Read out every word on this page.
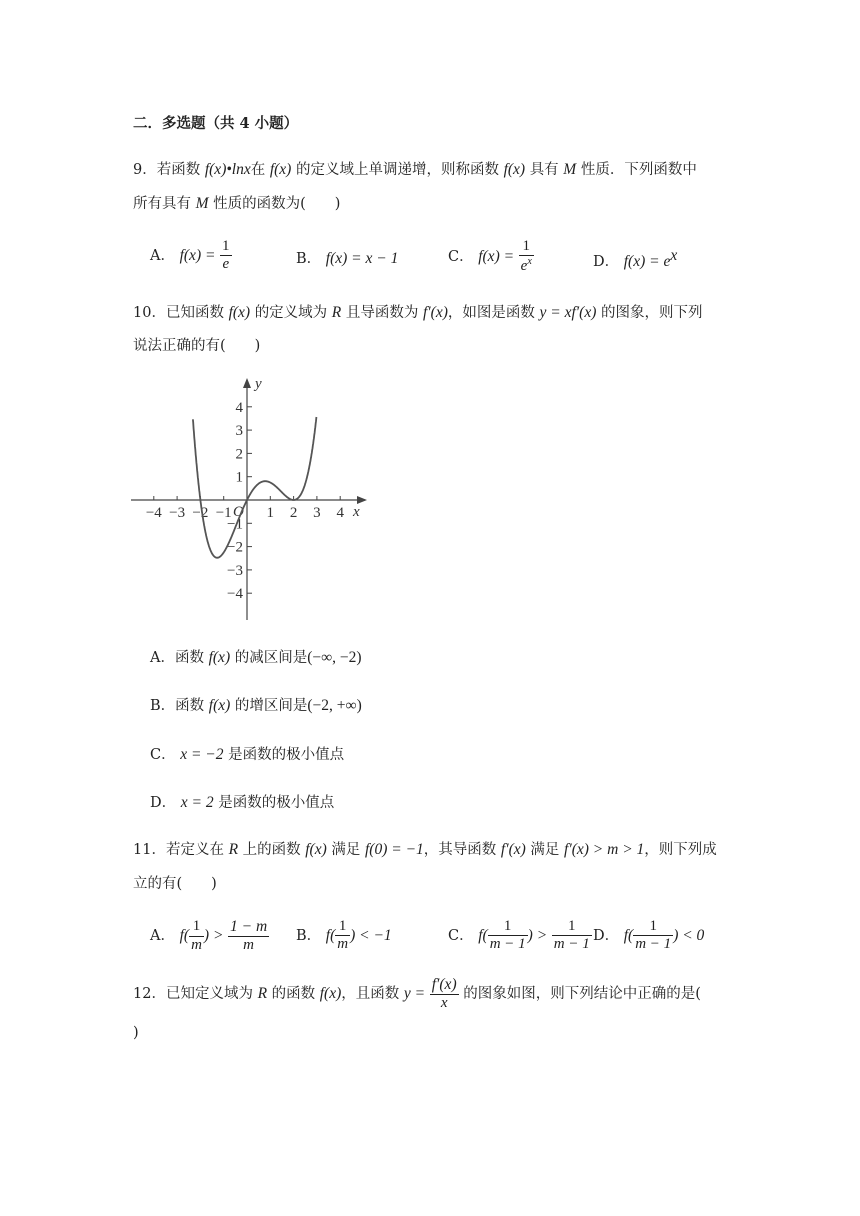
二．多选题（共 4 小题）
9．若函数 f(x)•lnx在 f(x) 的定义域上单调递增，则称函数 f(x) 具有 M 性质．下列函数中
所有具有 M 性质的函数为(　　)
A． $f(x) = \frac{1}{e}$	B． f(x) = x − 1	C． $f(x) = \frac{1}{e^x}$	D． $f(x) = e^x$
10．已知函数 f(x) 的定义域为 R 且导函数为 f′(x)，如图是函数 y = xf′(x) 的图象，则下列
说法正确的有(　　)
y
x
O
−4 −3 −2 −1 1 2 3 4
4
3
2
1
−1
−2
−3
−4
A．函数 f(x) 的减区间是(−∞, −2)
B．函数 f(x) 的增区间是(−2, +∞)
C． x = −2 是函数的极小值点
D． x = 2 是函数的极小值点
11．若定义在 R 上的函数 f(x) 满足 f(0) = −1，其导函数 f′(x) 满足 f′(x) > m > 1，则下列成
立的有(　　)
A． $f( \frac{1}{m}$ ) > $\frac{1 - m}{m}$ B． $f( \frac{1}{m}$ ) < −1	C． $f( \frac{1}{m - 1}$ ) > $\frac{1}{m - 1}$ D． $f( \frac{1}{m - 1}$ ) < 0
12．已知定义域为 R 的函数 f(x)，且函数 $y = \frac{f'(x)}{x}$ 的图象如图，则下列结论中正确的是(
)
